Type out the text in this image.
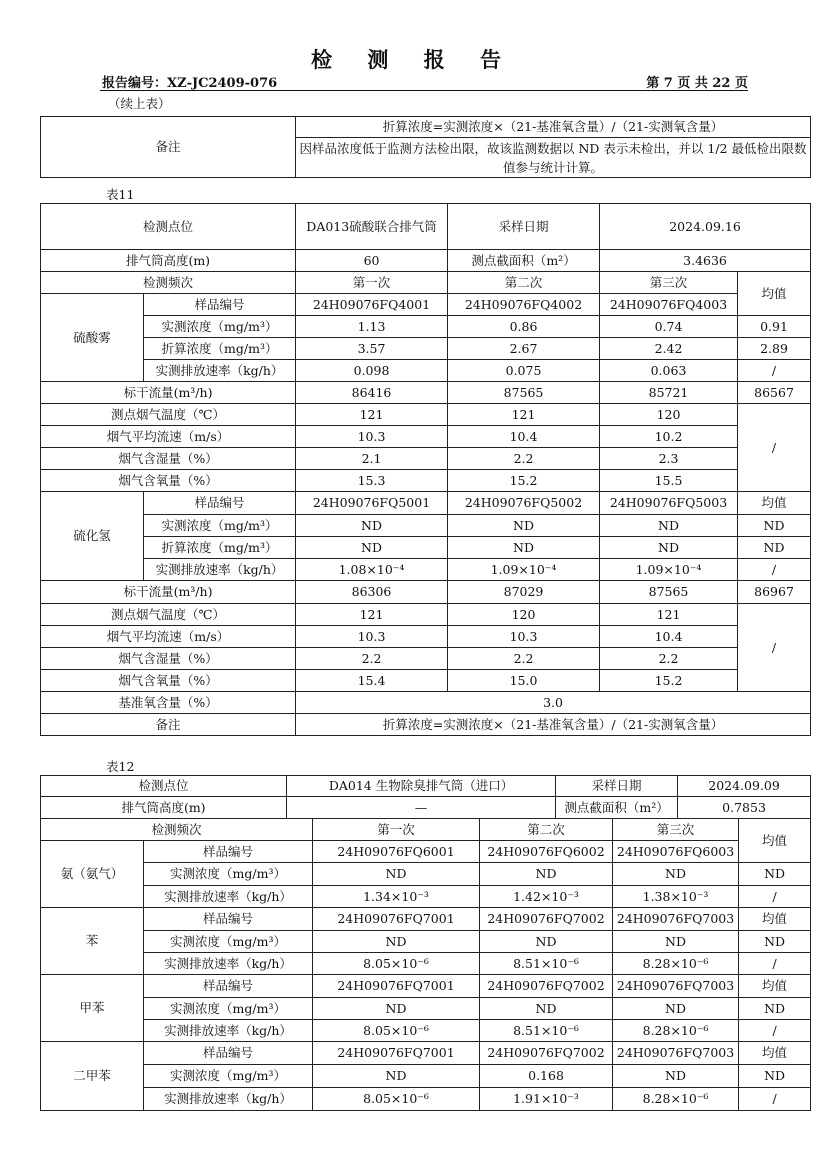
检 测 报 告
报告编号：XZ-JC2409-076	第 7 页 共 22 页
（续上表）
备注	折算浓度=实测浓度×（21-基准氧含量）/（21-实测氧含量）
因样品浓度低于监测方法检出限，故该监测数据以 ND 表示未检出，并以 1/2 最低检出限数值参与统计计算。
表11
检测点位		DA013硫酸联合排气筒	采样日期	2024.09.16	
排气筒高度(m)		60	测点截面积（m²）	3.4636	
检测频次		第一次	第二次	第三次	均值
硫酸雾	样品编号	24H09076FQ4001	24H09076FQ4002	24H09076FQ4003	
	实测浓度（mg/m³）	1.13	0.86	0.74	0.91
	折算浓度（mg/m³）	3.57	2.67	2.42	2.89
	实测排放速率（kg/h）	0.098	0.075	0.063	/
标干流量(m³/h)		86416	87565	85721	86567
测点烟气温度（℃）		121	121	120	/
烟气平均流速（m/s）		10.3	10.4	10.2	
烟气含湿量（%）		2.1	2.2	2.3	
烟气含氧量（%）		15.3	15.2	15.5	
硫化氢	样品编号	24H09076FQ5001	24H09076FQ5002	24H09076FQ5003	均值
	实测浓度（mg/m³）	ND	ND	ND	ND
	折算浓度（mg/m³）	ND	ND	ND	ND
	实测排放速率（kg/h）	1.08×10⁻⁴	1.09×10⁻⁴	1.09×10⁻⁴	/
标干流量(m³/h)		86306	87029	87565	86967
测点烟气温度（℃）		121	120	121	/
烟气平均流速（m/s）		10.3	10.3	10.4	
烟气含湿量（%）		2.2	2.2	2.2	
烟气含氧量（%）		15.4	15.0	15.2	
基准氧含量（%）		3.0			
备注		折算浓度=实测浓度×（21-基准氧含量）/（21-实测氧含量）			
表12
检测点位		DA014 生物除臭排气筒（进口）			采样日期		2024.09.09	
排气筒高度(m)		—			测点截面积（m²）		0.7853	
检测频次			第一次	第二次		第三次		均值
氨（氨气）	样品编号		24H09076FQ6001	24H09076FQ6002		24H09076FQ6003		
	实测浓度（mg/m³）		ND	ND		ND		ND
	实测排放速率（kg/h）		1.34×10⁻³	1.42×10⁻³		1.38×10⁻³		/
苯	样品编号		24H09076FQ7001	24H09076FQ7002		24H09076FQ7003		均值
	实测浓度（mg/m³）		ND	ND		ND		ND
	实测排放速率（kg/h）		8.05×10⁻⁶	8.51×10⁻⁶		8.28×10⁻⁶		/
甲苯	样品编号		24H09076FQ7001	24H09076FQ7002		24H09076FQ7003		均值
	实测浓度（mg/m³）		ND	ND		ND		ND
	实测排放速率（kg/h）		8.05×10⁻⁶	8.51×10⁻⁶		8.28×10⁻⁶		/
二甲苯	样品编号		24H09076FQ7001	24H09076FQ7002		24H09076FQ7003		均值
	实测浓度（mg/m³）		ND	0.168		ND		ND
	实测排放速率（kg/h）		8.05×10⁻⁶	1.91×10⁻³		8.28×10⁻⁶		/
